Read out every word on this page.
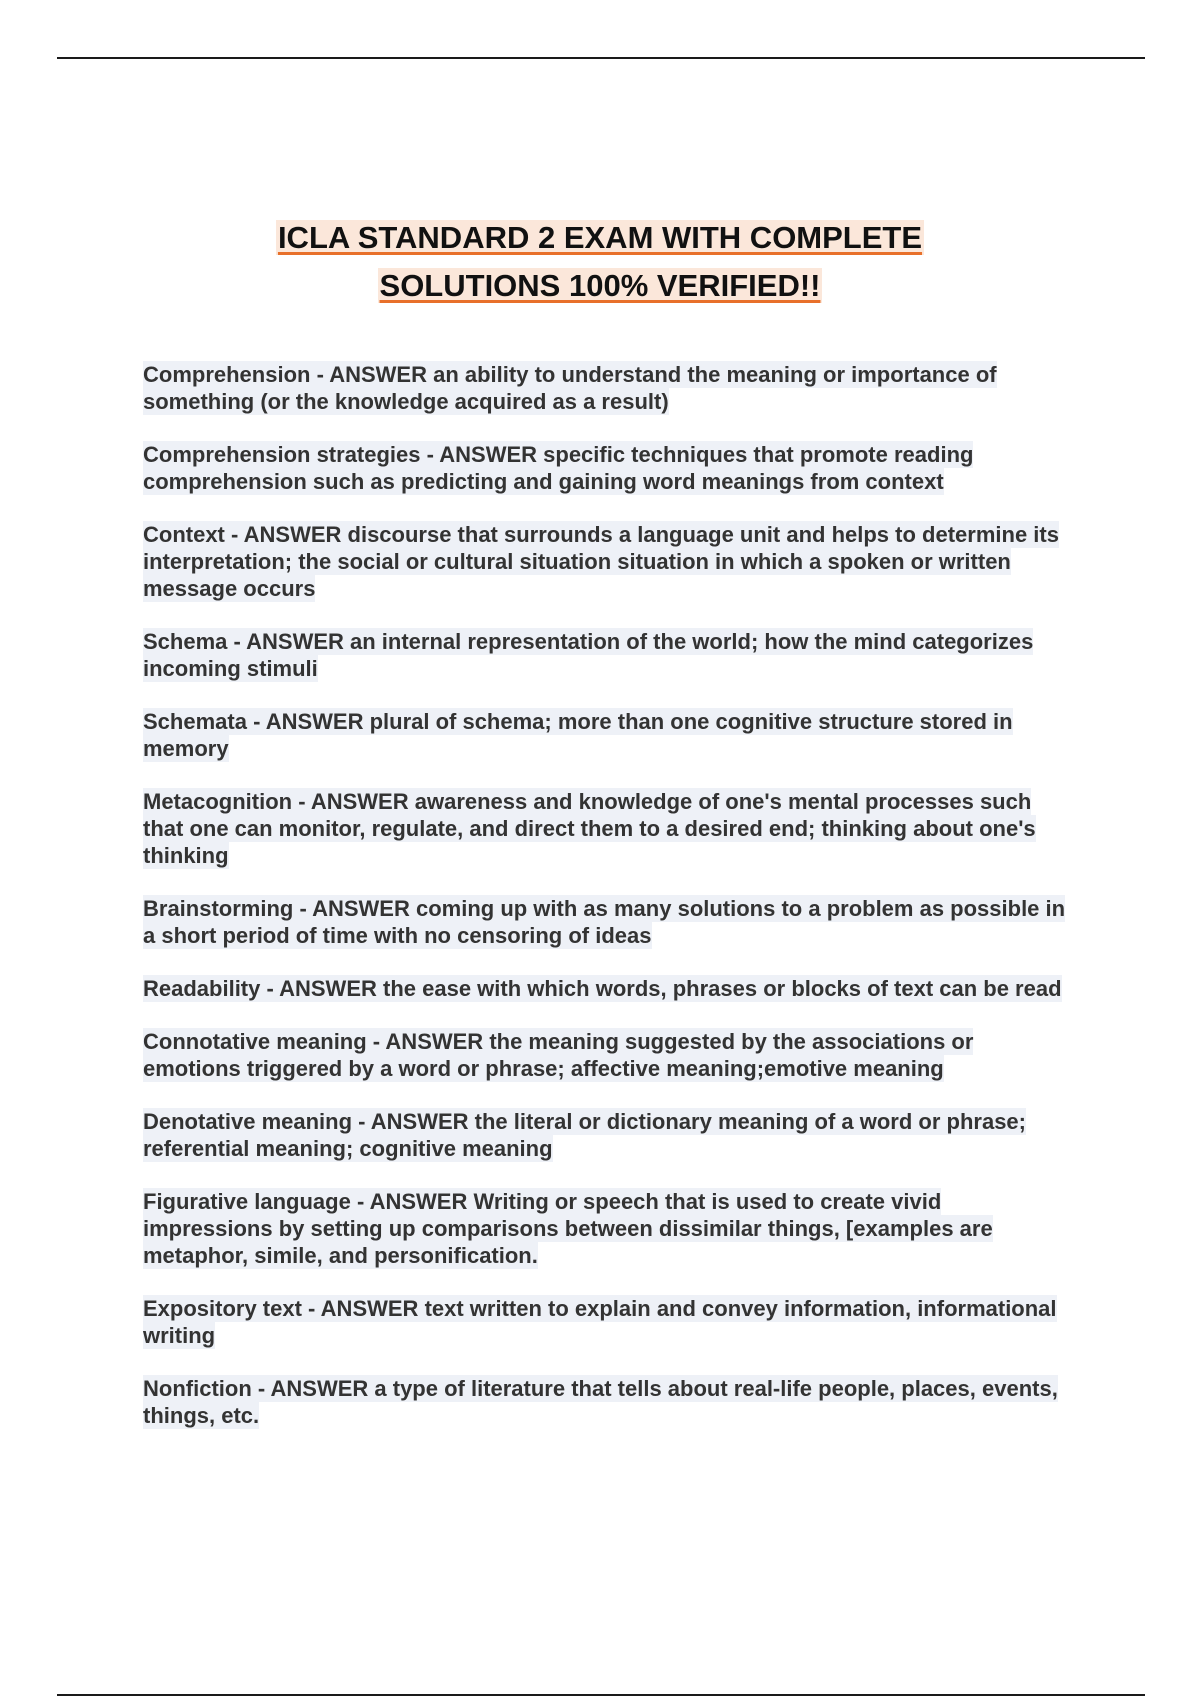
ICLA STANDARD 2 EXAM WITH COMPLETE
SOLUTIONS 100% VERIFIED!!

Comprehension - ANSWER an ability to understand the meaning or importance of something (or the knowledge acquired as a result)

Comprehension strategies - ANSWER specific techniques that promote reading comprehension such as predicting and gaining word meanings from context

Context - ANSWER discourse that surrounds a language unit and helps to determine its interpretation; the social or cultural situation situation in which a spoken or written message occurs

Schema - ANSWER an internal representation of the world; how the mind categorizes incoming stimuli

Schemata - ANSWER plural of schema; more than one cognitive structure stored in memory

Metacognition - ANSWER awareness and knowledge of one's mental processes such that one can monitor, regulate, and direct them to a desired end; thinking about one's thinking

Brainstorming - ANSWER coming up with as many solutions to a problem as possible in a short period of time with no censoring of ideas

Readability - ANSWER the ease with which words, phrases or blocks of text can be read

Connotative meaning - ANSWER the meaning suggested by the associations or emotions triggered by a word or phrase; affective meaning;emotive meaning

Denotative meaning - ANSWER the literal or dictionary meaning of a word or phrase; referential meaning; cognitive meaning

Figurative language - ANSWER Writing or speech that is used to create vivid impressions by setting up comparisons between dissimilar things, [examples are metaphor, simile, and personification.

Expository text - ANSWER text written to explain and convey information, informational writing

Nonfiction - ANSWER a type of literature that tells about real-life people, places, events, things, etc.
